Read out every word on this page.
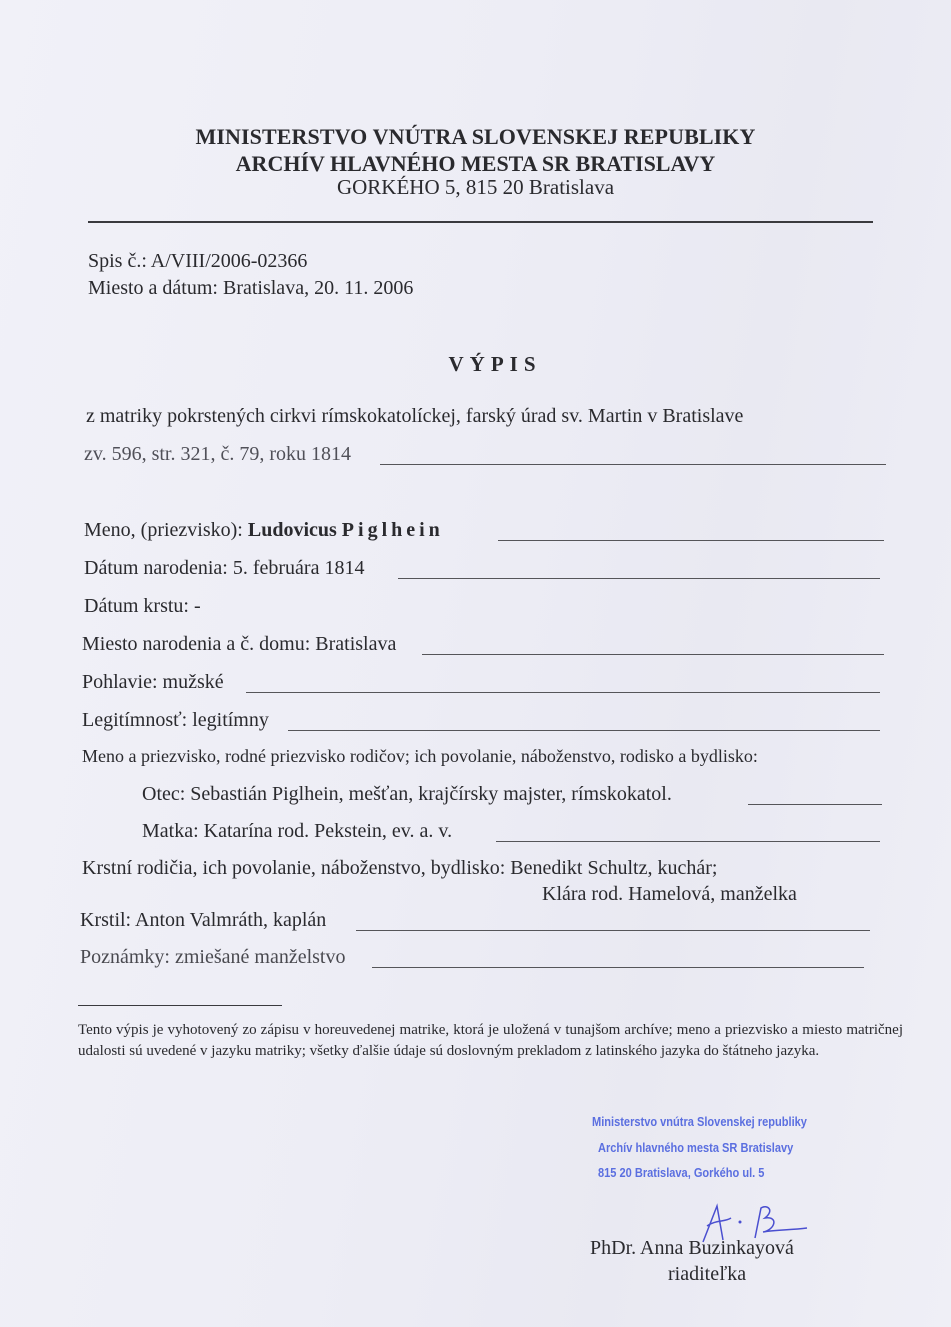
MINISTERSTVO VNÚTRA SLOVENSKEJ REPUBLIKY
ARCHÍV HLAVNÉHO MESTA SR BRATISLAVY
GORKÉHO 5, 815 20 Bratislava
Spis č.: A/VIII/2006-02366
Miesto a dátum: Bratislava, 20. 11. 2006
VÝPIS
z matriky pokrstených cirkvi rímskokatolíckej, farský úrad sv. Martin v Bratislave
zv. 596, str. 321, č. 79, roku 1814
Meno, (priezvisko): Ludovicus Piglhein
Dátum narodenia: 5. februára 1814
Dátum krstu: -
Miesto narodenia a č. domu: Bratislava
Pohlavie: mužské
Legitímnosť: legitímny
Meno a priezvisko, rodné priezvisko rodičov; ich povolanie, náboženstvo, rodisko a bydlisko:
Otec: Sebastián Piglhein, mešťan, krajčírsky majster, rímskokatol.
Matka: Katarína rod. Pekstein, ev. a. v.
Krstní rodičia, ich povolanie, náboženstvo, bydlisko: Benedikt Schultz, kuchár;
Klára rod. Hamelová, manželka
Krstil: Anton Valmráth, kaplán
Poznámky: zmiešané manželstvo
Tento výpis je vyhotovený zo zápisu v horeuvedenej matrike, ktorá je uložená v tunajšom archíve; meno a priezvisko a miesto matričnej udalosti sú uvedené v jazyku matriky; všetky ďalšie údaje sú doslovným prekladom z latinského jazyka do štátneho jazyka.
Ministerstvo vnútra Slovenskej republiky
Archív hlavného mesta SR Bratislavy
815 20 Bratislava, Gorkého ul. 5
PhDr. Anna Buzinkayová
riaditeľka
